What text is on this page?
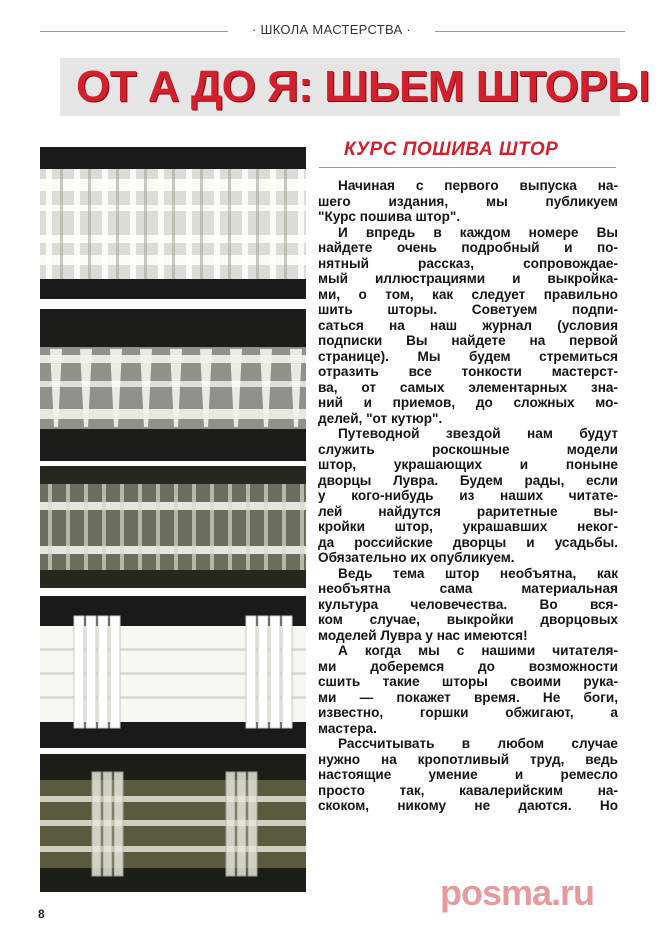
· ШКОЛА МАСТЕРСТВА ·
ОТ А ДО Я: ШЬЕМ ШТОРЫ
КУРС ПОШИВА ШТОР
Начиная с первого выпуска на-
шего издания, мы публикуем
"Курс пошива штор".
И впредь в каждом номере Вы
найдете очень подробный и по-
нятный рассказ, сопровождае-
мый иллюстрациями и выкройка-
ми, о том, как следует правильно
шить шторы. Советуем подпи-
саться на наш журнал (условия
подписки Вы найдете на первой
странице). Мы будем стремиться
отразить все тонкости мастерст-
ва, от самых элементарных зна-
ний и приемов, до сложных мо-
делей, "от кутюр".
Путеводной звездой нам будут
служить роскошные модели
штор, украшающих и поныне
дворцы Лувра. Будем рады, если
у кого-нибудь из наших читате-
лей найдутся раритетные вы-
кройки штор, украшавших неког-
да российские дворцы и усадьбы.
Обязательно их опубликуем.
Ведь тема штор необъятна, как
необъятна сама материальная
культура человечества. Во вся-
ком случае, выкройки дворцовых
моделей Лувра у нас имеются!
А когда мы с нашими читателя-
ми доберемся до возможности
сшить такие шторы своими рука-
ми — покажет время. Не боги,
известно, горшки обжигают, а
мастера.
Рассчитывать в любом случае
нужно на кропотливый труд, ведь
настоящие умение и ремесло
просто так, кавалерийским на-
скоком, никому не даются. Но
8
posma.ru
